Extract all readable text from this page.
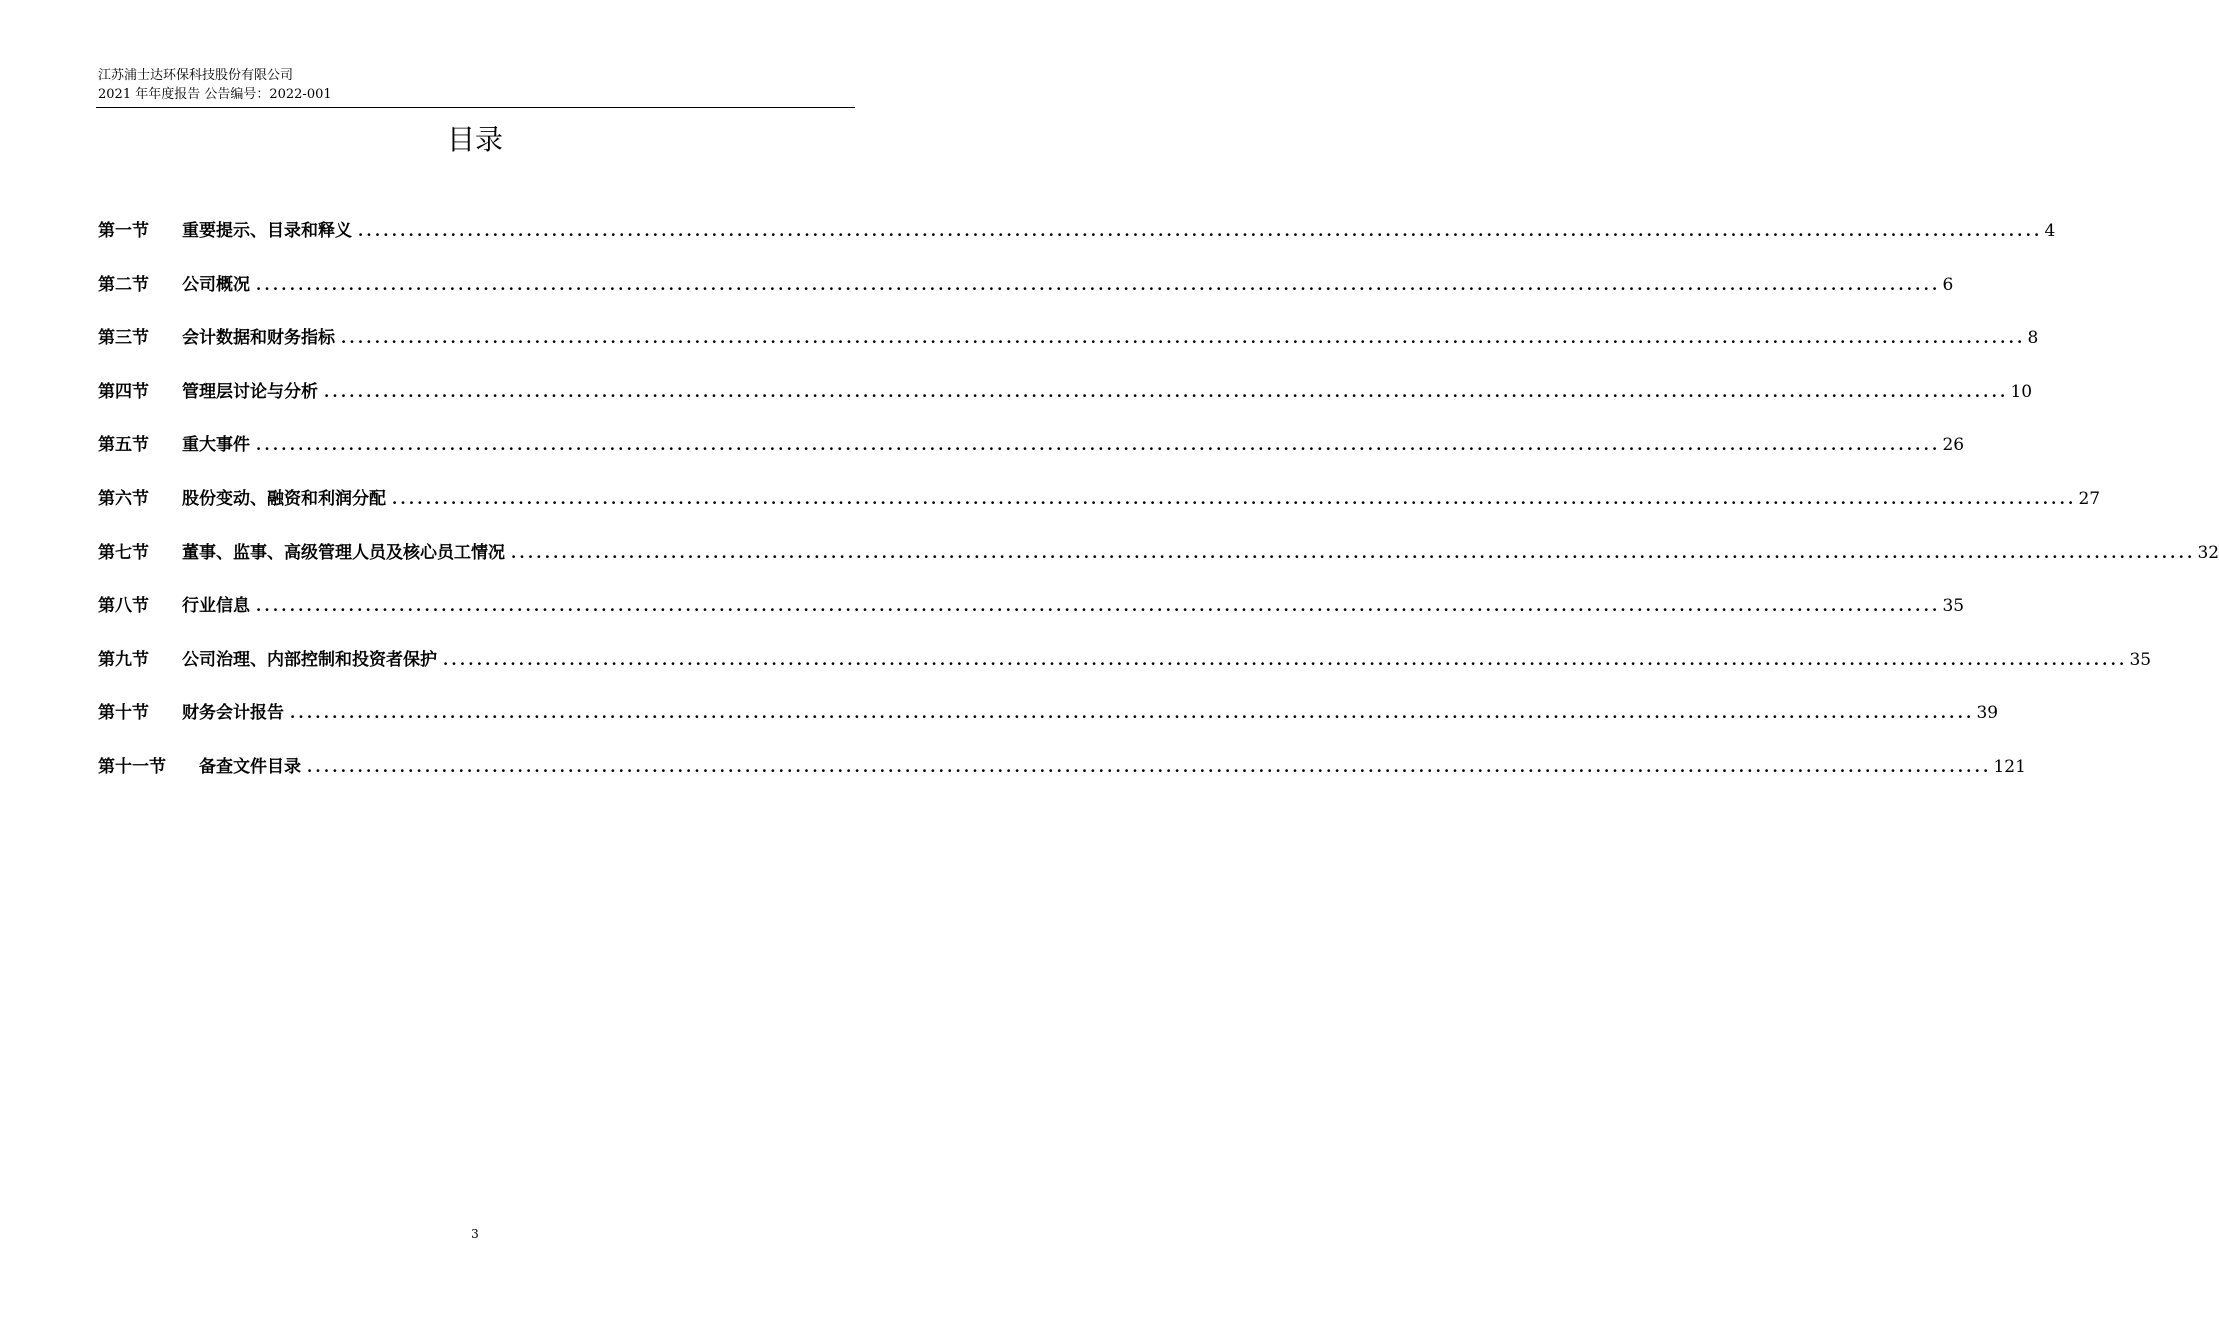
江苏浦士达环保科技股份有限公司
2021 年年度报告 公告编号：2022-001
目录
第一节	重要提示、目录和释义 ........................................................................................................................................................................................................ 4
第二节	公司概况 ........................................................................................................................................................................................................ 6
第三节	会计数据和财务指标 ........................................................................................................................................................................................................ 8
第四节	管理层讨论与分析 ........................................................................................................................................................................................................ 10
第五节	重大事件 ........................................................................................................................................................................................................ 26
第六节	股份变动、融资和利润分配 ........................................................................................................................................................................................................ 27
第七节	董事、监事、高级管理人员及核心员工情况 ........................................................................................................................................................................................................ 32
第八节	行业信息 ........................................................................................................................................................................................................ 35
第九节	公司治理、内部控制和投资者保护 ........................................................................................................................................................................................................ 35
第十节	财务会计报告 ........................................................................................................................................................................................................ 39
第十一节	备查文件目录 ........................................................................................................................................................................................................ 121
3
